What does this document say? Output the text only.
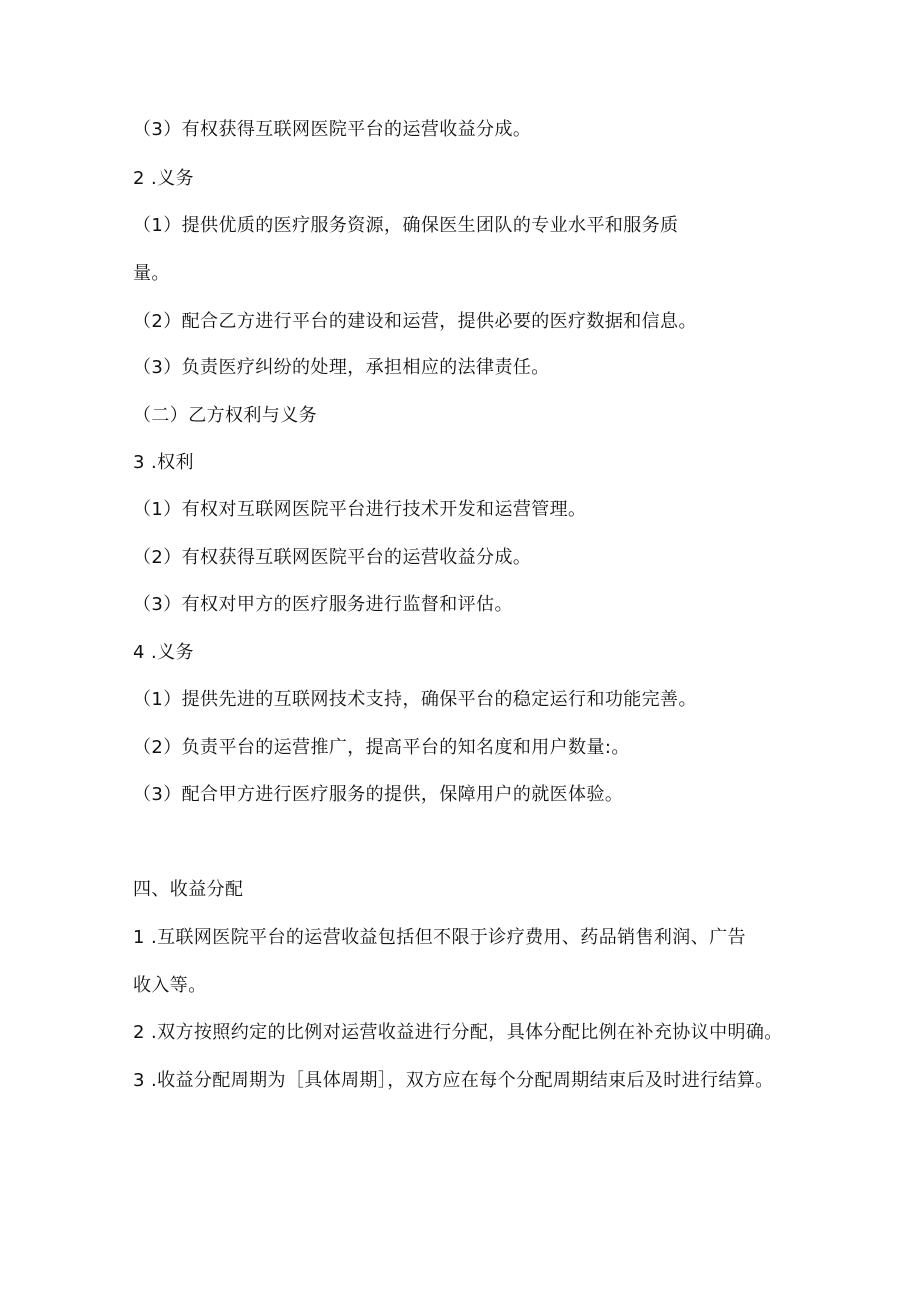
（3）有权获得互联网医院平台的运营收益分成。
2 .义务
（1）提供优质的医疗服务资源，确保医生团队的专业水平和服务质
量。
（2）配合乙方进行平台的建设和运营，提供必要的医疗数据和信息。
（3）负责医疗纠纷的处理，承担相应的法律责任。
（二）乙方权利与义务
3 .权利
（1）有权对互联网医院平台进行技术开发和运营管理。
（2）有权获得互联网医院平台的运营收益分成。
（3）有权对甲方的医疗服务进行监督和评估。
4 .义务
（1）提供先进的互联网技术支持，确保平台的稳定运行和功能完善。
（2）负责平台的运营推广，提高平台的知名度和用户数量:。
（3）配合甲方进行医疗服务的提供，保障用户的就医体验。
四、收益分配
1 .互联网医院平台的运营收益包括但不限于诊疗费用、药品销售利润、广告
收入等。
2 .双方按照约定的比例对运营收益进行分配，具体分配比例在补充协议中明确。
3 .收益分配周期为［具体周期］，双方应在每个分配周期结束后及时进行结算。
